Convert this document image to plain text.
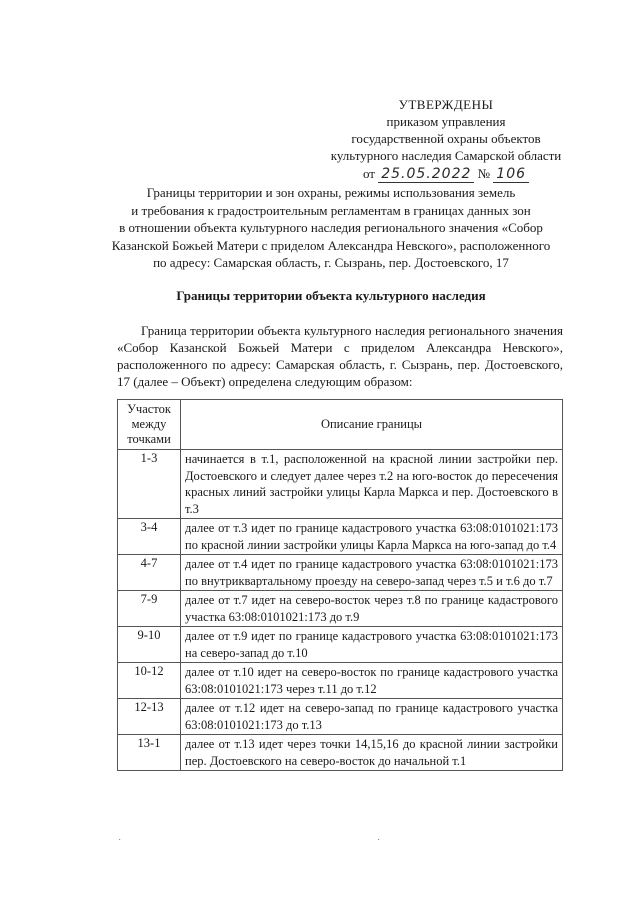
УТВЕРЖДЕНЫ
приказом управления
государственной охраны объектов
культурного наследия Самарской области
от 25.05.2022 № 106
Границы территории и зон охраны, режимы использования земель
и требования к градостроительным регламентам в границах данных зон
в отношении объекта культурного наследия регионального значения «Собор
Казанской Божьей Матери с приделом Александра Невского», расположенного
по адресу: Самарская область, г. Сызрань, пер. Достоевского, 17
Границы территории объекта культурного наследия
Граница территории объекта культурного наследия регионального значения «Собор Казанской Божьей Матери с приделом Александра Невского», расположенного по адресу: Самарская область, г. Сызрань, пер. Достоевского, 17 (далее – Объект) определена следующим образом:
Участок
между
точками	Описание границы
1-3	начинается в т.1, расположенной на красной линии застройки пер. Достоевского и следует далее через т.2 на юго-восток до пересечения красных линий застройки улицы Карла Маркса и пер. Достоевского в т.3
3-4	далее от т.3 идет по границе кадастрового участка 63:08:0101021:173 по красной линии застройки улицы Карла Маркса на юго-запад до т.4
4-7	далее от т.4 идет по границе кадастрового участка 63:08:0101021:173 по внутриквартальному проезду на северо-запад через т.5 и т.6 до т.7
7-9	далее от т.7 идет на северо-восток через т.8 по границе кадастрового участка 63:08:0101021:173 до т.9
9-10	далее от т.9 идет по границе кадастрового участка 63:08:0101021:173 на северо-запад до т.10
10-12	далее от т.10 идет на северо-восток по границе кадастрового участка 63:08:0101021:173 через т.11 до т.12
12-13	далее от т.12 идет на северо-запад по границе кадастрового участка 63:08:0101021:173 до т.13
13-1	далее от т.13 идет через точки 14,15,16 до красной линии застройки пер. Достоевского на северо-восток до начальной т.1
˙	˙
